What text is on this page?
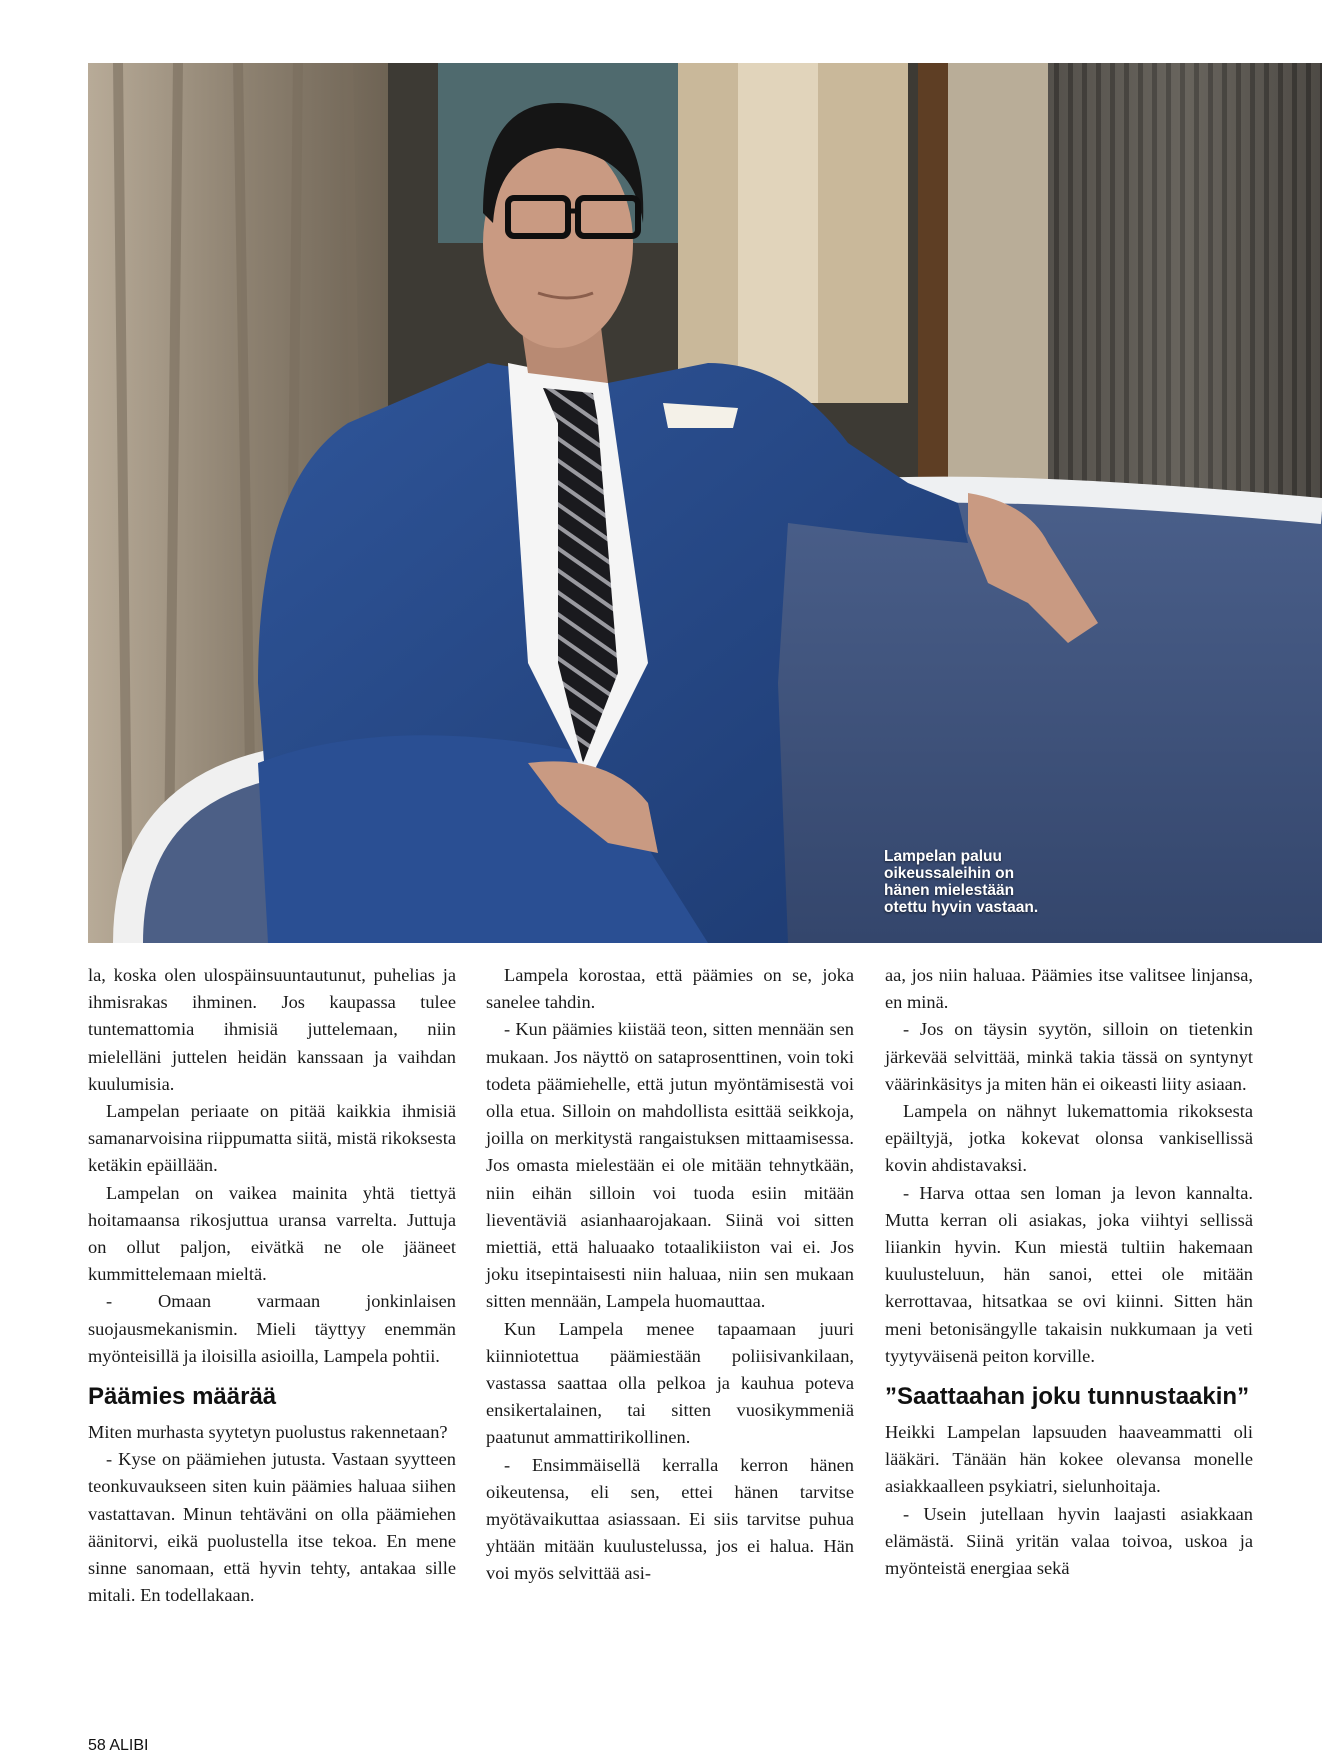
Lampelan paluu
oikeussaleihin on
hänen mielestään
otettu hyvin vastaan.

la, koska olen ulospäinsuuntautunut, puhelias ja ihmisrakas ihminen. Jos kaupassa tulee tuntemattomia ihmisiä juttelemaan, niin mielelläni juttelen heidän kanssaan ja vaihdan kuulumisia.

Lampelan periaate on pitää kaikkia ihmisiä samanarvoisina riippumatta siitä, mistä rikoksesta ketäkin epäillään.

Lampelan on vaikea mainita yhtä tiettyä hoitamaansa rikosjuttua uransa varrelta. Juttuja on ollut paljon, eivätkä ne ole jääneet kummittelemaan mieltä.

- Omaan varmaan jonkinlaisen suojausmekanismin. Mieli täyttyy enemmän myönteisillä ja iloisilla asioilla, Lampela pohtii.

Päämies määrää

Miten murhasta syytetyn puolustus rakennetaan?

- Kyse on päämiehen jutusta. Vastaan syytteen teonkuvaukseen siten kuin päämies haluaa siihen vastattavan. Minun tehtäväni on olla päämiehen äänitorvi, eikä puolustella itse tekoa. En mene sinne sanomaan, että hyvin tehty, antakaa sille mitali. En todellakaan.

Lampela korostaa, että päämies on se, joka sanelee tahdin.

- Kun päämies kiistää teon, sitten mennään sen mukaan. Jos näyttö on sataprosenttinen, voin toki todeta päämiehelle, että jutun myöntämisestä voi olla etua. Silloin on mahdollista esittää seikkoja, joilla on merkitystä rangaistuksen mittaamisessa. Jos omasta mielestään ei ole mitään tehnytkään, niin eihän silloin voi tuoda esiin mitään lieventäviä asianhaarojakaan. Siinä voi sitten miettiä, että haluaako totaalikiiston vai ei. Jos joku itsepintaisesti niin haluaa, niin sen mukaan sitten mennään, Lampela huomauttaa.

Kun Lampela menee tapaamaan juuri kiinniotettua päämiestään poliisivankilaan, vastassa saattaa olla pelkoa ja kauhua poteva ensikertalainen, tai sitten vuosikymmeniä paatunut ammattirikollinen.

- Ensimmäisellä kerralla kerron hänen oikeutensa, eli sen, ettei hänen tarvitse myötävaikuttaa asiassaan. Ei siis tarvitse puhua yhtään mitään kuulustelussa, jos ei halua. Hän voi myös selvittää asi-

aa, jos niin haluaa. Päämies itse valitsee linjansa, en minä.

- Jos on täysin syytön, silloin on tietenkin järkevää selvittää, minkä takia tässä on syntynyt väärinkäsitys ja miten hän ei oikeasti liity asiaan.

Lampela on nähnyt lukemattomia rikoksesta epäiltyjä, jotka kokevat olonsa vankisellissä kovin ahdistavaksi.

- Harva ottaa sen loman ja levon kannalta. Mutta kerran oli asiakas, joka viihtyi sellissä liiankin hyvin. Kun miestä tultiin hakemaan kuulusteluun, hän sanoi, ettei ole mitään kerrottavaa, hitsatkaa se ovi kiinni. Sitten hän meni betonisängylle takaisin nukkumaan ja veti tyytyväisenä peiton korville.

”Saattaahan joku tunnustaakin”

Heikki Lampelan lapsuuden haaveammatti oli lääkäri. Tänään hän kokee olevansa monelle asiakkaalleen psykiatri, sielunhoitaja.

- Usein jutellaan hyvin laajasti asiakkaan elämästä. Siinä yritän valaa toivoa, uskoa ja myönteistä energiaa sekä

58 ALIBI
